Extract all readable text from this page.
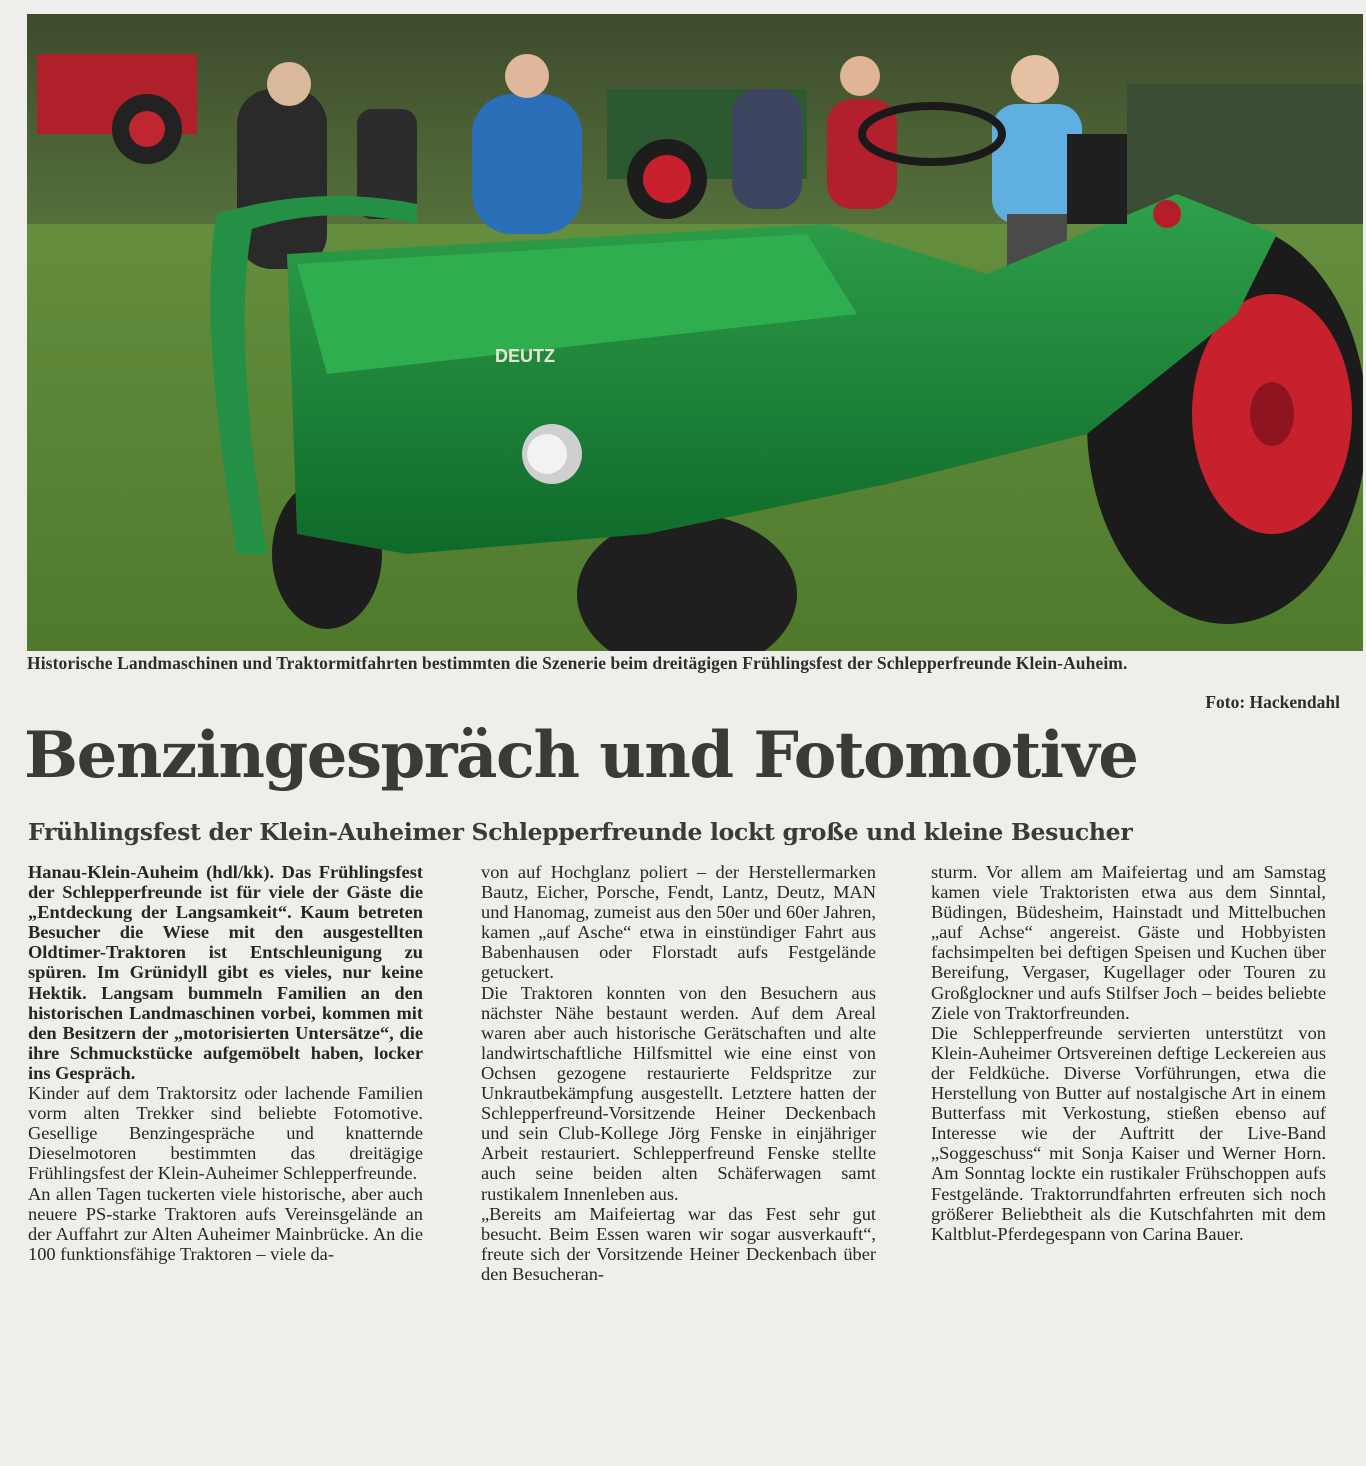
DEUTZ
Historische Landmaschinen und Traktormitfahrten bestimmten die Szenerie beim dreitägigen Frühlingsfest der Schlepperfreunde Klein-Auheim.
Foto: Hackendahl
Benzingespräch und Fotomotive
Frühlingsfest der Klein-Auheimer Schlepperfreunde lockt große und kleine Besucher

Hanau-Klein-Auheim (hdl/kk). Das Frühlingsfest der Schlepperfreunde ist für viele der Gäste die „Entdeckung der Langsamkeit“. Kaum betreten Besucher die Wiese mit den ausgestellten Oldtimer-Traktoren ist Entschleunigung zu spüren. Im Grünidyll gibt es vieles, nur keine Hektik. Langsam bummeln Familien an den historischen Landmaschinen vorbei, kommen mit den Besitzern der „motorisierten Untersätze“, die ihre Schmuckstücke aufgemöbelt haben, locker ins Gespräch.

Kinder auf dem Traktorsitz oder lachende Familien vorm alten Trekker sind beliebte Fotomotive. Gesellige Benzingespräche und knatternde Dieselmotoren bestimmten das dreitägige Frühlingsfest der Klein-Auheimer Schlepperfreunde.

An allen Tagen tuckerten viele historische, aber auch neuere PS-starke Traktoren aufs Vereinsgelände an der Auffahrt zur Alten Auheimer Mainbrücke. An die 100 funktionsfähige Traktoren – viele da-

von auf Hochglanz poliert – der Herstellermarken Bautz, Eicher, Porsche, Fendt, Lantz, Deutz, MAN und Hanomag, zumeist aus den 50er und 60er Jahren, kamen „auf Asche“ etwa in einstündiger Fahrt aus Babenhausen oder Florstadt aufs Festgelände getuckert.

Die Traktoren konnten von den Besuchern aus nächster Nähe bestaunt werden. Auf dem Areal waren aber auch historische Gerätschaften und alte landwirtschaftliche Hilfsmittel wie eine einst von Ochsen gezogene restaurierte Feldspritze zur Unkrautbekämpfung ausgestellt. Letztere hatten der Schlepperfreund-Vorsitzende Heiner Deckenbach und sein Club-Kollege Jörg Fenske in einjähriger Arbeit restauriert. Schlepperfreund Fenske stellte auch seine beiden alten Schäferwagen samt rustikalem Innenleben aus.

„Bereits am Maifeiertag war das Fest sehr gut besucht. Beim Essen waren wir sogar ausverkauft“, freute sich der Vorsitzende Heiner Deckenbach über den Besucheran-

sturm. Vor allem am Maifeiertag und am Samstag kamen viele Traktoristen etwa aus dem Sinntal, Büdingen, Büdesheim, Hainstadt und Mittelbuchen „auf Achse“ angereist. Gäste und Hobbyisten fachsimpelten bei deftigen Speisen und Kuchen über Bereifung, Vergaser, Kugellager oder Touren zu Großglockner und aufs Stilfser Joch – beides beliebte Ziele von Traktorfreunden.

Die Schlepperfreunde servierten unterstützt von Klein-Auheimer Ortsvereinen deftige Leckereien aus der Feldküche. Diverse Vorführungen, etwa die Herstellung von Butter auf nostalgische Art in einem Butterfass mit Verkostung, stießen ebenso auf Interesse wie der Auftritt der Live-Band „Soggeschuss“ mit Sonja Kaiser und Werner Horn. Am Sonntag lockte ein rustikaler Frühschoppen aufs Festgelände. Traktorrundfahrten erfreuten sich noch größerer Beliebtheit als die Kutschfahrten mit dem Kaltblut-Pferdegespann von Carina Bauer.
